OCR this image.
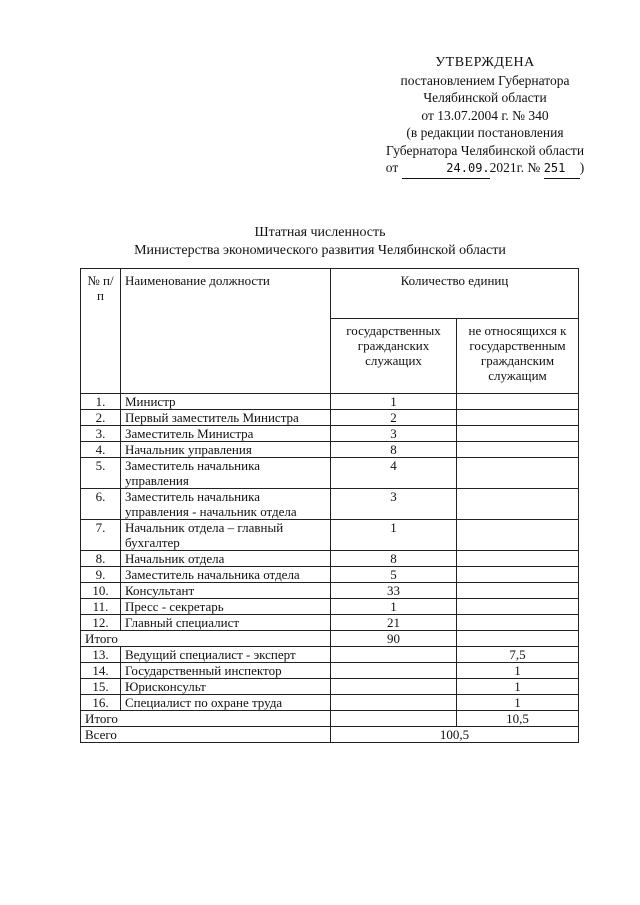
УТВЕРЖДЕНА
постановлением Губернатора
Челябинской области
от 13.07.2004 г. № 340
(в редакции постановления
Губернатора Челябинской области
от	24.09.2021г. № 251 )
Штатная численность
Министерства экономического развития Челябинской области
№ п/п	Наименование должности	Количество единиц	
		государственных гражданских служащих	не относящихся к государственным гражданским служащим
1.	Министр	1	
2.	Первый заместитель Министра	2	
3.	Заместитель Министра	3	
4.	Начальник управления	8	
5.	Заместитель начальника управления	4	
6.	Заместитель начальника управления - начальник отдела	3	
7.	Начальник отдела – главный бухгалтер	1	
8.	Начальник отдела	8	
9.	Заместитель начальника отдела	5	
10.	Консультант	33	
11.	Пресс - секретарь	1	
12.	Главный специалист	21	
Итого		90	
13.	Ведущий специалист - эксперт		7,5
14.	Государственный инспектор		1
15.	Юрисконсульт		1
16.	Специалист по охране труда		1
Итого			10,5
Всего		100,5	
